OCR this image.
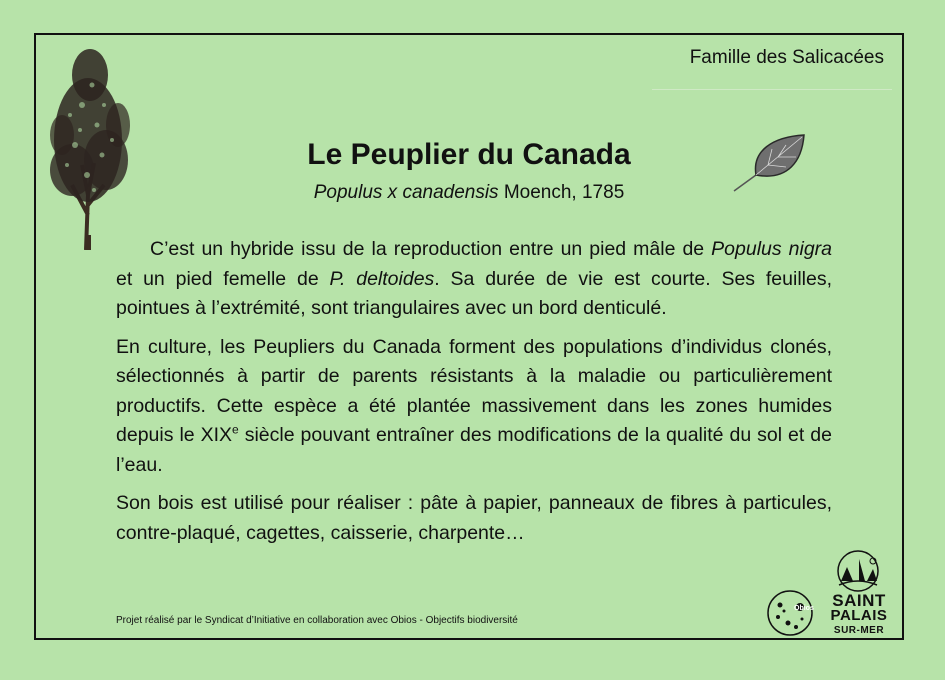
Famille des Salicacées
Le Peuplier du Canada
Populus x canadensis Moench, 1785

C’est un hybride issu de la reproduction entre un pied mâle de Populus nigra et un pied femelle de P. deltoides. Sa durée de vie est courte. Ses feuilles, pointues à l’extrémité, sont triangulaires avec un bord denticulé.

En culture, les Peupliers du Canada forment des populations d’individus clonés, sélectionnés à partir de parents résistants à la maladie ou particulièrement productifs. Cette espèce a été plantée massivement dans les zones humides depuis le XIXe siècle pouvant entraîner des modifications de la qualité du sol et de l’eau.

Son bois est utilisé pour réaliser : pâte à papier, panneaux de fibres à particules, contre-plaqué, cagettes, caisserie, charpente…

Projet réalisé par le Syndicat d’Initiative en collaboration avec Obios - Objectifs biodiversité
Obios	SAINT
PALAIS
SUR-MER
